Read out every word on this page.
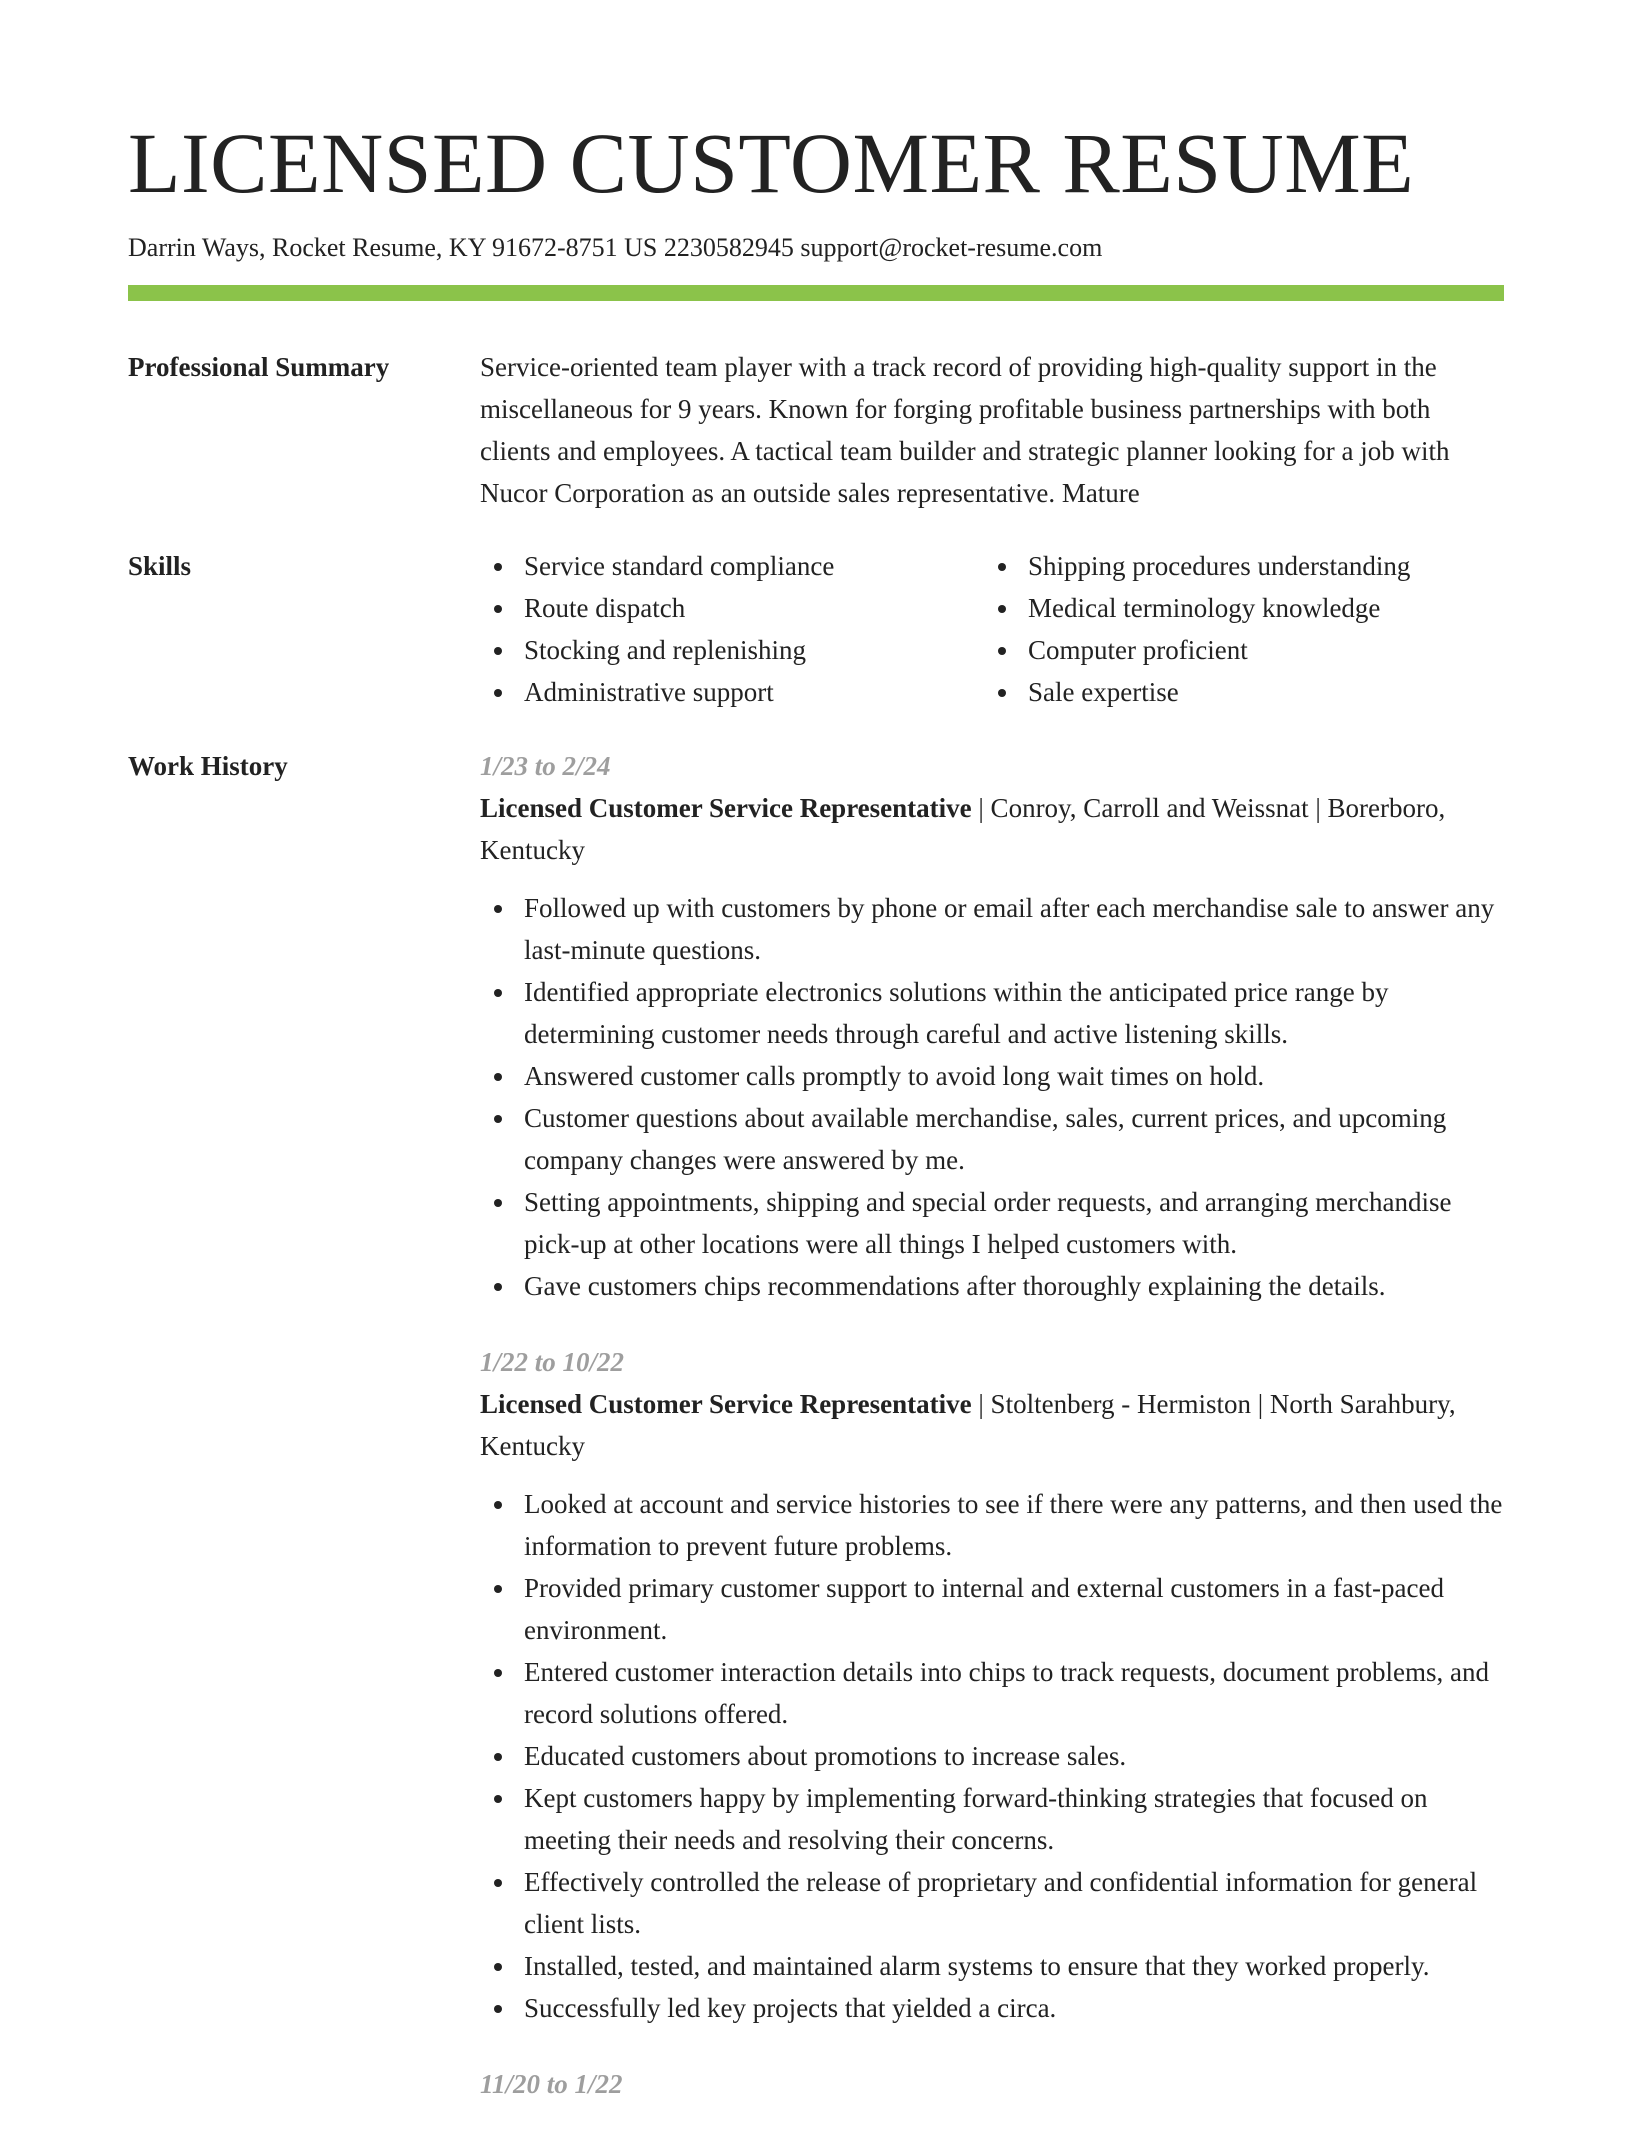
LICENSED CUSTOMER RESUME
Darrin Ways, Rocket Resume, KY 91672-8751 US 2230582945 support@rocket-resume.com
Professional Summary	Service-oriented team player with a track record of providing high-quality support in the miscellaneous for 9 years. Known for forging profitable business partnerships with both clients and employees. A tactical team builder and strategic planner looking for a job with Nucor Corporation as an outside sales representative. Mature

Skills	Service standard compliance
Route dispatch
Stocking and replenishing
Administrative support
Shipping procedures understanding
Medical terminology knowledge
Computer proficient
Sale expertise
Work History	1/23 to 2/24
Licensed Customer Service Representative | Conroy, Carroll and Weissnat | Borerboro, Kentucky
Followed up with customers by phone or email after each merchandise sale to answer any last-minute questions.
Identified appropriate electronics solutions within the anticipated price range by determining customer needs through careful and active listening skills.
Answered customer calls promptly to avoid long wait times on hold.
Customer questions about available merchandise, sales, current prices, and upcoming company changes were answered by me.
Setting appointments, shipping and special order requests, and arranging merchandise pick-up at other locations were all things I helped customers with.
Gave customers chips recommendations after thoroughly explaining the details.
1/22 to 10/22
Licensed Customer Service Representative | Stoltenberg - Hermiston | North Sarahbury, Kentucky
Looked at account and service histories to see if there were any patterns, and then used the information to prevent future problems.
Provided primary customer support to internal and external customers in a fast-paced environment.
Entered customer interaction details into chips to track requests, document problems, and record solutions offered.
Educated customers about promotions to increase sales.
Kept customers happy by implementing forward-thinking strategies that focused on meeting their needs and resolving their concerns.
Effectively controlled the release of proprietary and confidential information for general client lists.
Installed, tested, and maintained alarm systems to ensure that they worked properly.
Successfully led key projects that yielded a circa.
11/20 to 1/22
